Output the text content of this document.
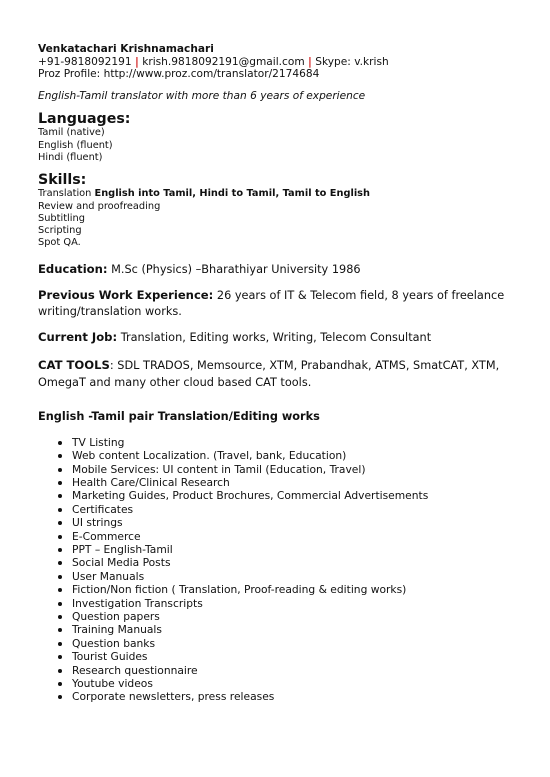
Venkatachari Krishnamachari
+91-9818092191 | krish.9818092191@gmail.com | Skype: v.krish
Proz Profile: http://www.proz.com/translator/2174684
English-Tamil translator with more than 6 years of experience
Languages:
Tamil (native)
English (fluent)
Hindi (fluent)
Skills:
Translation English into Tamil, Hindi to Tamil, Tamil to English
Review and proofreading
Subtitling
Scripting
Spot QA.
Education: M.Sc (Physics) –Bharathiyar University 1986
Previous Work Experience: 26 years of IT & Telecom field, 8 years of freelance writing/translation works.
Current Job: Translation, Editing works, Writing, Telecom Consultant
CAT TOOLS: SDL TRADOS, Memsource, XTM, Prabandhak, ATMS, SmatCAT, XTM, OmegaT and many other cloud based CAT tools.
English -Tamil pair Translation/Editing works
TV Listing
Web content Localization. (Travel, bank, Education)
Mobile Services: UI content in Tamil (Education, Travel)
Health Care/Clinical Research
Marketing Guides, Product Brochures, Commercial Advertisements
Certificates
UI strings
E-Commerce
PPT – English-Tamil
Social Media Posts
User Manuals
Fiction/Non fiction ( Translation, Proof-reading & editing works)
Investigation Transcripts
Question papers
Training Manuals
Question banks
Tourist Guides
Research questionnaire
Youtube videos
Corporate newsletters, press releases
